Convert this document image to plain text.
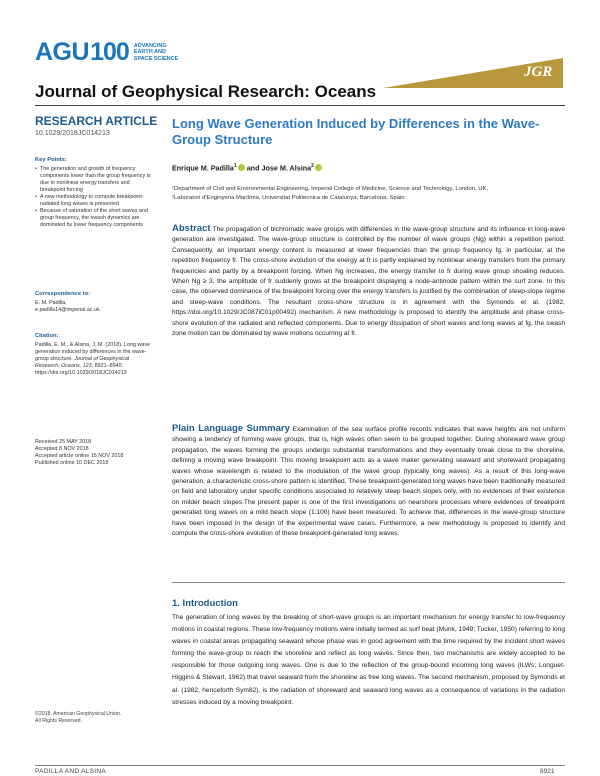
AGU 100 ADVANCING
EARTH AND
SPACE SCIENCE
JGR
Journal of Geophysical Research: Oceans
RESEARCH ARTICLE
10.1029/2018JC014213
Key Points:
• The generation and growth of frequency components lower than the group frequency is due to nonlinear energy transfers and breakpoint forcing
• A new methodology to compute breakpoint-radiated long waves is presented
• Because of saturation of the short waves and group frequency, the swash dynamics are dominated by lower frequency components
Correspondence to:
E. M. Padilla,
e.padilla14@imperial.ac.uk
Citation:
Padilla, E. M., & Alsina, J. M. (2018). Long wave generation induced by differences in the wave-group structure. Journal of Geophysical Research: Oceans, 123, 8921–8940. https://doi.org/10.1029/2018JC014213
Received 25 MAY 2018
Accepted 8 NOV 2018
Accepted article online 15 NOV 2018
Published online 10 DEC 2018
©2018. American Geophysical Union.
All Rights Reserved.
Long Wave Generation Induced by Differences in the Wave-Group Structure
Enrique M. Padilla$^1$ and Jose M. Alsina$^2$
¹Department of Civil and Environmental Engineering, Imperial College of Medicine, Science and Technology, London, UK,
²Laboratori d'Enginyeria Marítima, Universitat Politecnica de Catalunya, Barcelona, Spain
Abstract The propagation of bichromatic wave groups with differences in the wave-group structure and its influence in long-wave generation are investigated. The wave-group structure is controlled by the number of wave groups (Ng) within a repetition period. Consequently, an important energy content is measured at lower frequencies than the group frequency fg, in particular, at the repetition frequency fr. The cross-shore evolution of the energy at fr is partly explained by nonlinear energy transfers from the primary frequencies and partly by a breakpoint forcing. When Ng increases, the energy transfer to fr during wave group shoaling reduces. When Ng ≥ 3, the amplitude of fr suddenly grows at the breakpoint displaying a node-antinode pattern within the surf zone. In this case, the observed dominance of the breakpoint forcing over the energy transfers is justified by the combination of steep-slope regime and steep-wave conditions. The resultant cross-shore structure is in agreement with the Symonds et al. (1982, https://doi.org/10.1029/JC087iC01p00492) mechanism. A new methodology is proposed to identify the amplitude and phase cross-shore evolution of the radiated and reflected components. Due to energy dissipation of short waves and long waves at fg, the swash zone motion can be dominated by wave motions occurring at fr.
Plain Language Summary Examination of the sea surface profile records indicates that wave heights are not uniform showing a tendency of forming wave groups, that is, high waves often seem to be grouped together. During shoreward wave group propagation, the waves forming the groups undergo substantial transformations and they eventually break close to the shoreline, defining a moving wave breakpoint. This moving breakpoint acts as a wave maker generating seaward and shoreward propagating waves whose wavelength is related to the modulation of the wave group (typically long waves). As a result of this long-wave generation, a characteristic cross-shore pattern is identified. These breakpoint-generated long waves have been traditionally measured on field and laboratory under specific conditions associated to relatively steep beach slopes only, with no evidences of their existence on milder beach slopes.The present paper is one of the first investigations on nearshore processes where evidences of breakpoint generated long waves on a mild beach slope (1:100) have been measured. To achieve that, differences in the wave-group structure have been imposed in the design of the experimental wave cases. Furthermore, a new methodology is proposed to identify and compute the cross-shore evolution of these breakpoint-generated long waves.
1. Introduction
The generation of long waves by the breaking of short-wave groups is an important mechanism for energy transfer to low-frequency motions in coastal regions. These low-frequency motions were initially termed as surf beat (Munk, 1949; Tucker, 1950) referring to long waves in coastal areas propagating seaward whose phase was in good agreement with the time required by the incident short waves forming the wave-group to reach the shoreline and reflect as long waves. Since then, two mechanisms are widely accepted to be responsible for those outgoing long waves. One is due to the reflection of the group-bound incoming long waves (ILWs; Longuet-Higgins & Stewart, 1962) that travel seaward from the shoreline as free long waves. The second mechanism, proposed by Symonds et al. (1982, henceforth Sym82), is the radiation of shoreward and seaward long waves as a consequence of variations in the radiation stresses induced by a moving breakpoint.
PADILLA AND ALSINA	8921
